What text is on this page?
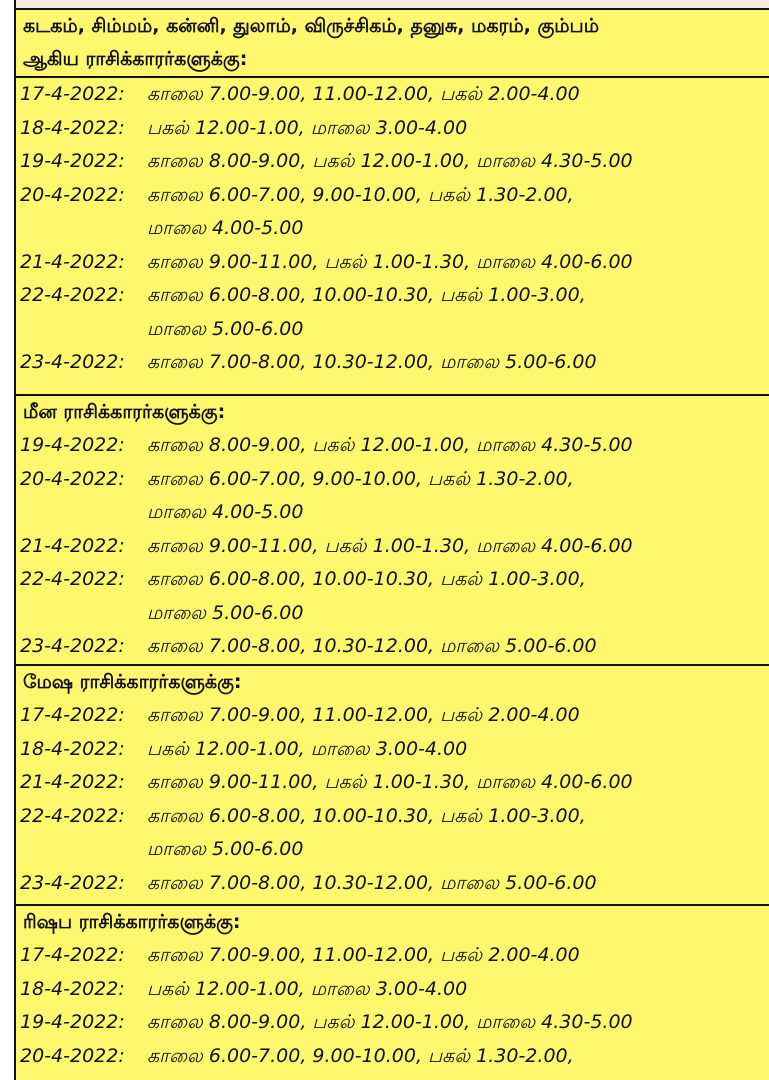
கடகம், சிம்மம், கன்னி, துலாம், விருச்சிகம், தனுசு, மகரம், கும்பம்
ஆகிய ராசிக்காரர்களுக்கு:
17-4-2022: காலை 7.00-9.00, 11.00-12.00, பகல் 2.00-4.00
18-4-2022: பகல் 12.00-1.00, மாலை 3.00-4.00
19-4-2022: காலை 8.00-9.00, பகல் 12.00-1.00, மாலை 4.30-5.00
20-4-2022: காலை 6.00-7.00, 9.00-10.00, பகல் 1.30-2.00,
மாலை 4.00-5.00
21-4-2022: காலை 9.00-11.00, பகல் 1.00-1.30, மாலை 4.00-6.00
22-4-2022: காலை 6.00-8.00, 10.00-10.30, பகல் 1.00-3.00,
மாலை 5.00-6.00
23-4-2022: காலை 7.00-8.00, 10.30-12.00, மாலை 5.00-6.00
மீன ராசிக்காரர்களுக்கு:
19-4-2022: காலை 8.00-9.00, பகல் 12.00-1.00, மாலை 4.30-5.00
20-4-2022: காலை 6.00-7.00, 9.00-10.00, பகல் 1.30-2.00,
மாலை 4.00-5.00
21-4-2022: காலை 9.00-11.00, பகல் 1.00-1.30, மாலை 4.00-6.00
22-4-2022: காலை 6.00-8.00, 10.00-10.30, பகல் 1.00-3.00,
மாலை 5.00-6.00
23-4-2022: காலை 7.00-8.00, 10.30-12.00, மாலை 5.00-6.00
மேஷ ராசிக்காரர்களுக்கு:
17-4-2022: காலை 7.00-9.00, 11.00-12.00, பகல் 2.00-4.00
18-4-2022: பகல் 12.00-1.00, மாலை 3.00-4.00
21-4-2022: காலை 9.00-11.00, பகல் 1.00-1.30, மாலை 4.00-6.00
22-4-2022: காலை 6.00-8.00, 10.00-10.30, பகல் 1.00-3.00,
மாலை 5.00-6.00
23-4-2022: காலை 7.00-8.00, 10.30-12.00, மாலை 5.00-6.00
ரிஷப ராசிக்காரர்களுக்கு:
17-4-2022: காலை 7.00-9.00, 11.00-12.00, பகல் 2.00-4.00
18-4-2022: பகல் 12.00-1.00, மாலை 3.00-4.00
19-4-2022: காலை 8.00-9.00, பகல் 12.00-1.00, மாலை 4.30-5.00
20-4-2022: காலை 6.00-7.00, 9.00-10.00, பகல் 1.30-2.00,
